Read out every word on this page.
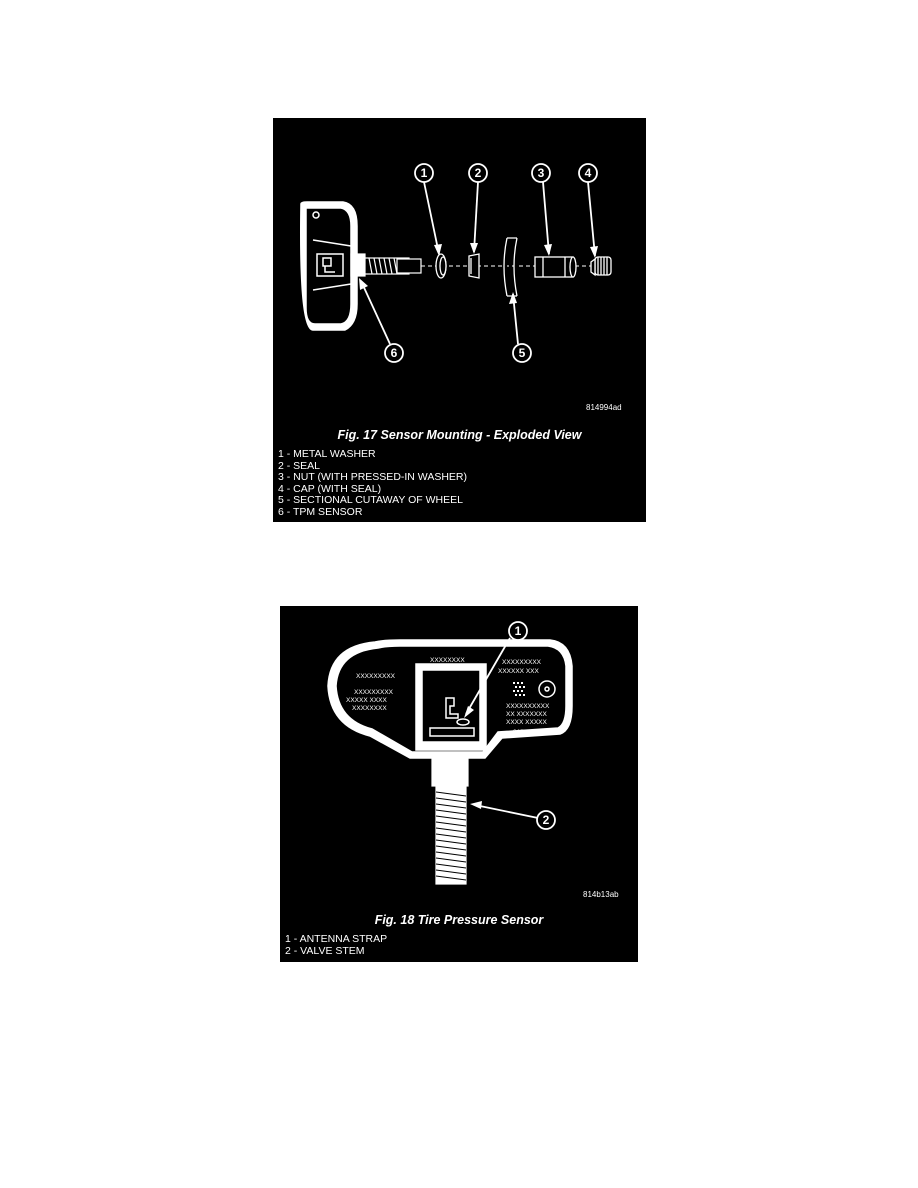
1	2	3	4
5
6
814994ad
Fig. 17 Sensor Mounting - Exploded View
1 - METAL WASHER
2 - SEAL
3 - NUT (WITH PRESSED-IN WASHER)
4 - CAP (WITH SEAL)
5 - SECTIONAL CUTAWAY OF WHEEL
6 - TPM SENSOR
1
2
XXXXXXXX
XXXXXXXXX
XXXXXXXXX
XXXXX XXXX
XXXXXXXX
XXXXXXXXX
XXXXXX XXX
XXXXXXXXXX
XX XXXXXXX
XXXX XXXXX
315MHz
814b13ab
Fig. 18 Tire Pressure Sensor
1 - ANTENNA STRAP
2 - VALVE STEM
